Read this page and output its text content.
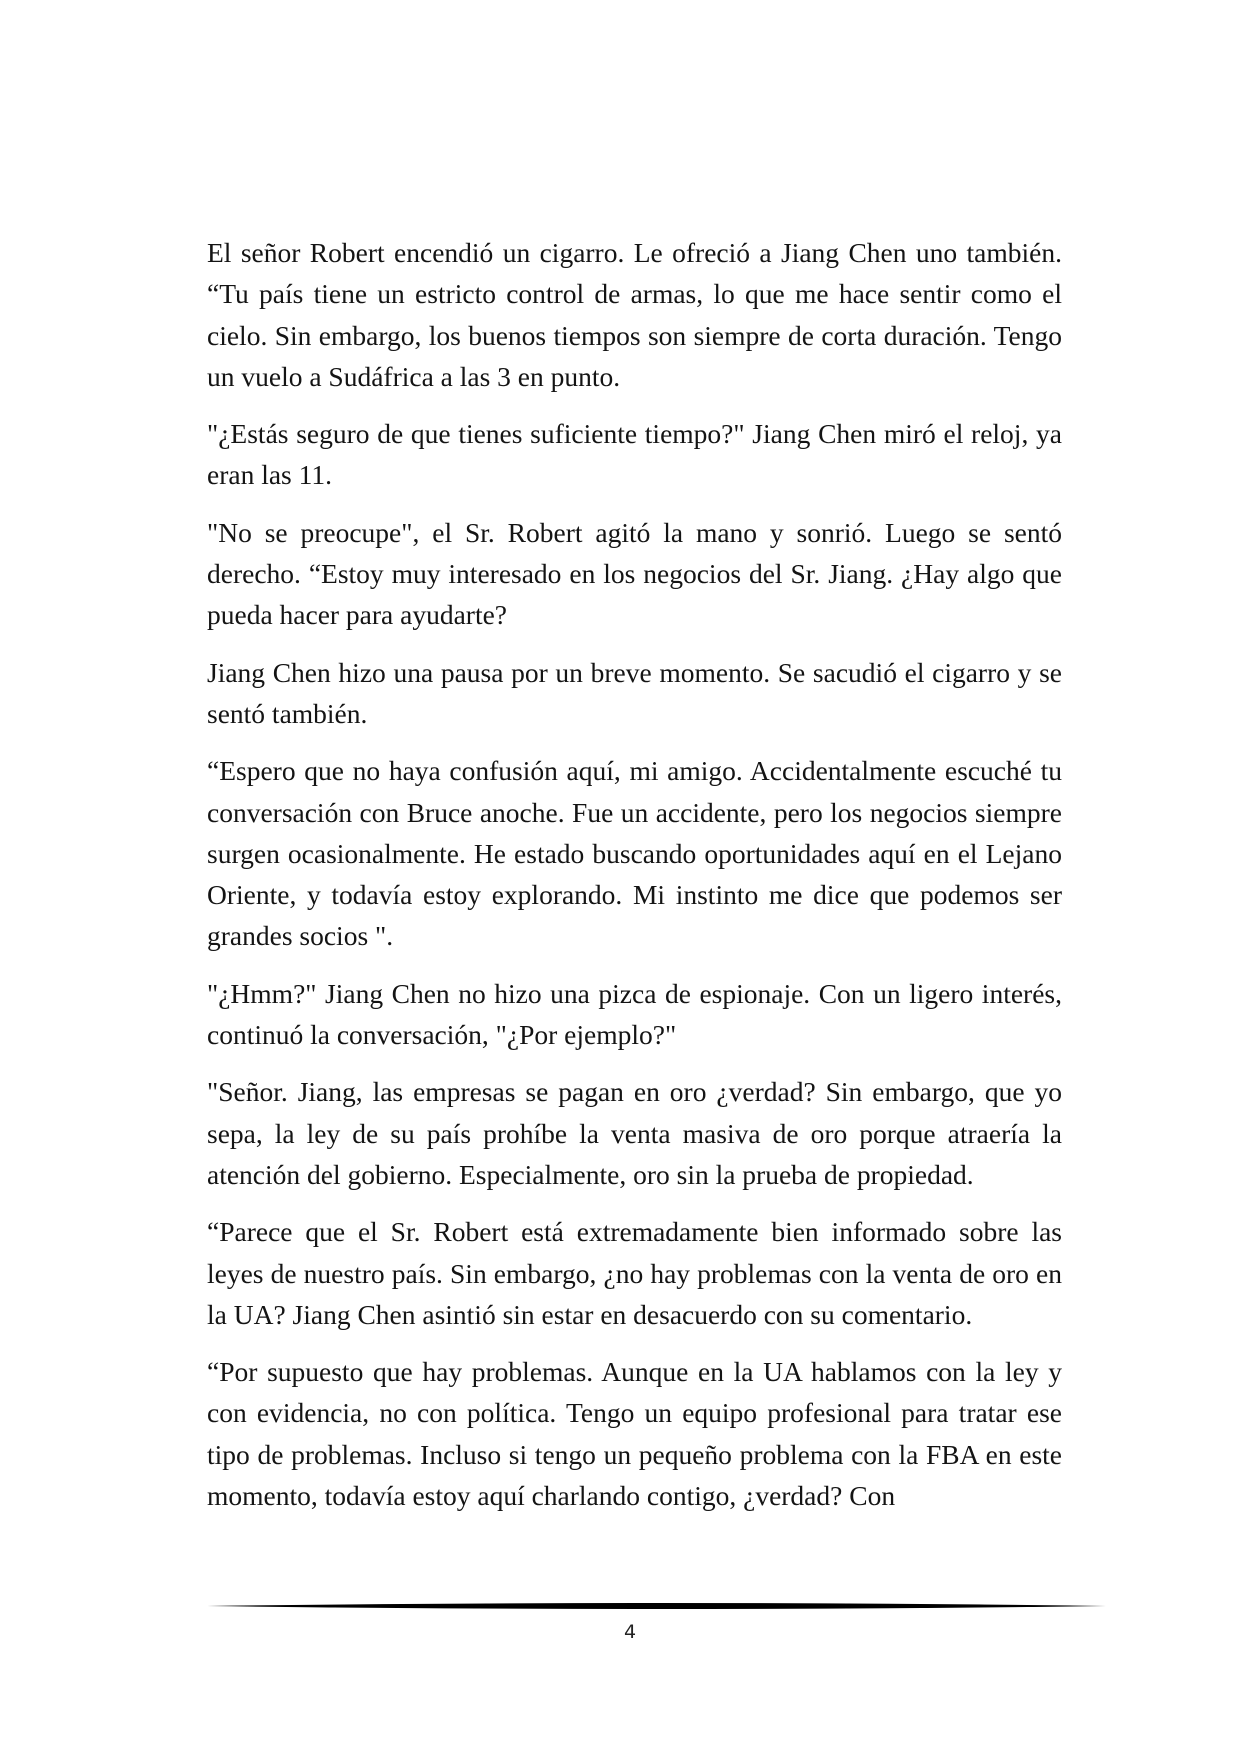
El señor Robert encendió un cigarro. Le ofreció a Jiang Chen uno también. “Tu país tiene un estricto control de armas, lo que me hace sentir como el cielo. Sin embargo, los buenos tiempos son siempre de corta duración. Tengo un vuelo a Sudáfrica a las 3 en punto.

"¿Estás seguro de que tienes suficiente tiempo?" Jiang Chen miró el reloj, ya eran las 11.

"No se preocupe", el Sr. Robert agitó la mano y sonrió. Luego se sentó derecho. “Estoy muy interesado en los negocios del Sr. Jiang. ¿Hay algo que pueda hacer para ayudarte?

Jiang Chen hizo una pausa por un breve momento. Se sacudió el cigarro y se sentó también.

“Espero que no haya confusión aquí, mi amigo. Accidentalmente escuché tu conversación con Bruce anoche. Fue un accidente, pero los negocios siempre surgen ocasionalmente. He estado buscando oportunidades aquí en el Lejano Oriente, y todavía estoy explorando. Mi instinto me dice que podemos ser grandes socios ".

"¿Hmm?" Jiang Chen no hizo una pizca de espionaje. Con un ligero interés, continuó la conversación, "¿Por ejemplo?"

"Señor. Jiang, las empresas se pagan en oro ¿verdad? Sin embargo, que yo sepa, la ley de su país prohíbe la venta masiva de oro porque atraería la atención del gobierno. Especialmente, oro sin la prueba de propiedad.

“Parece que el Sr. Robert está extremadamente bien informado sobre las leyes de nuestro país. Sin embargo, ¿no hay problemas con la venta de oro en la UA? Jiang Chen asintió sin estar en desacuerdo con su comentario.

“Por supuesto que hay problemas. Aunque en la UA hablamos con la ley y con evidencia, no con política. Tengo un equipo profesional para tratar ese tipo de problemas. Incluso si tengo un pequeño problema con la FBA en este momento, todavía estoy aquí charlando contigo, ¿verdad? Con

4
